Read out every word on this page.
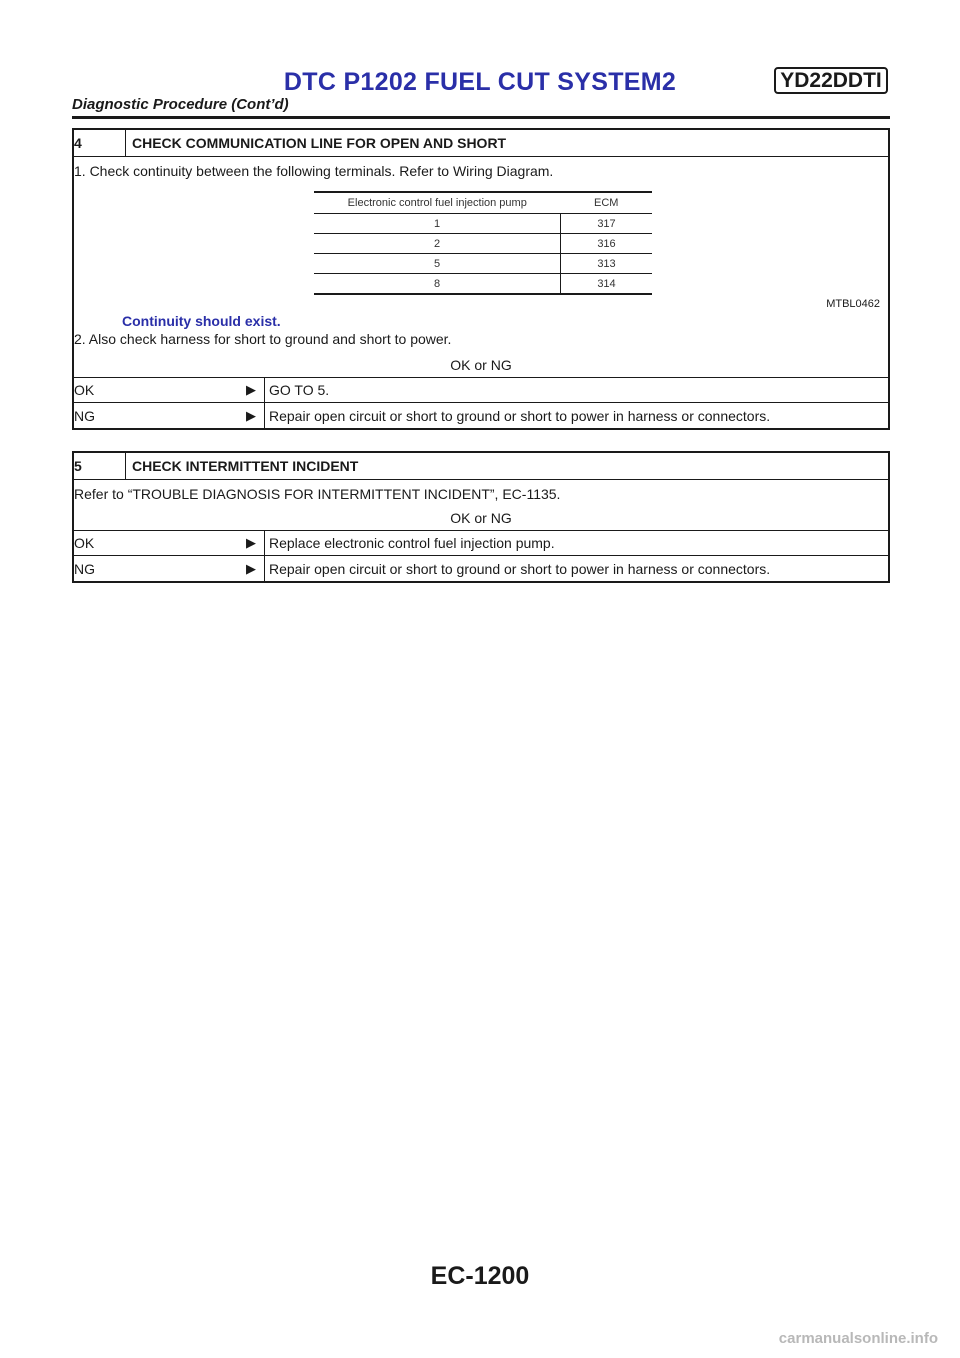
DTC P1202 FUEL CUT SYSTEM2	YD22DDTI
Diagnostic Procedure (Cont’d)
4	CHECK COMMUNICATION LINE FOR OPEN AND SHORT
1. Check continuity between the following terminals. Refer to Wiring Diagram.
Electronic control fuel injection pump	ECM
1	317
2	316
5	313
8	314
MTBL0462
Continuity should exist.
2. Also check harness for short to ground and short to power.
OK or NG
OK	▶ GO TO 5.
NG	▶ Repair open circuit or short to ground or short to power in harness or connectors.
5	CHECK INTERMITTENT INCIDENT
Refer to “TROUBLE DIAGNOSIS FOR INTERMITTENT INCIDENT”, EC-1135.
OK or NG
OK	▶ Replace electronic control fuel injection pump.
NG	▶ Repair open circuit or short to ground or short to power in harness or connectors.
EC-1200
carmanualsonline.info
